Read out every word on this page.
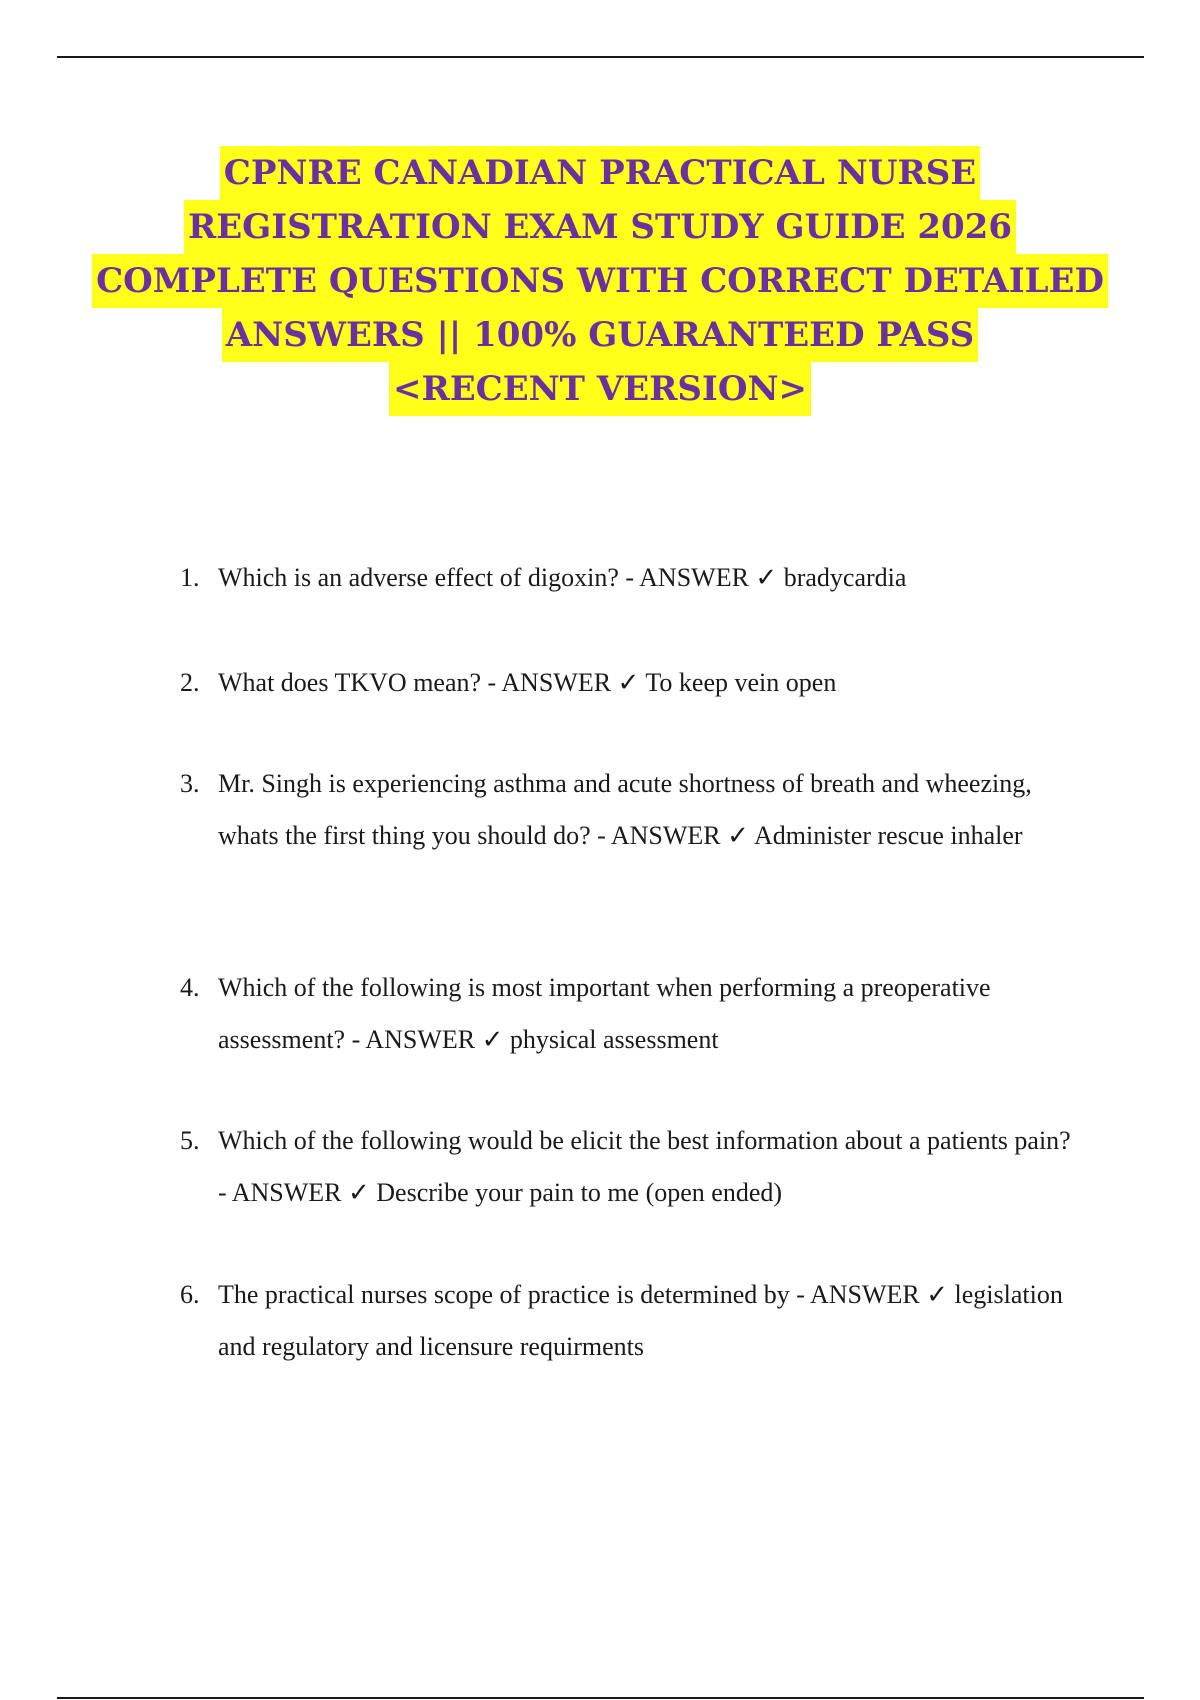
CPNRE CANADIAN PRACTICAL NURSE
REGISTRATION EXAM STUDY GUIDE 2026
COMPLETE QUESTIONS WITH CORRECT DETAILED
ANSWERS || 100% GUARANTEED PASS
<RECENT VERSION>
1. Which is an adverse effect of digoxin? - ANSWER ✓ bradycardia

2. What does TKVO mean? - ANSWER ✓ To keep vein open

3. Mr. Singh is experiencing asthma and acute shortness of breath and wheezing, whats the first thing you should do? - ANSWER ✓ Administer rescue inhaler

4. Which of the following is most important when performing a preoperative assessment? - ANSWER ✓ physical assessment

5. Which of the following would be elicit the best information about a patients pain? - ANSWER ✓ Describe your pain to me (open ended)

6. The practical nurses scope of practice is determined by - ANSWER ✓ legislation and regulatory and licensure requirments
